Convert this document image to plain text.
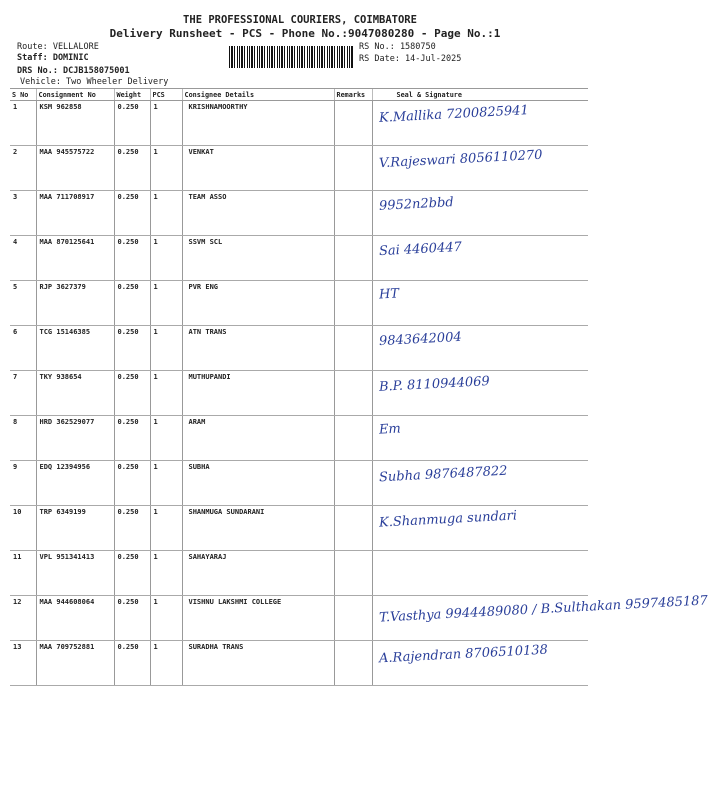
THE PROFESSIONAL COURIERS, COIMBATORE
Delivery Runsheet - PCS - Phone No.:9047080280 - Page No.:1
Route: VELLALORE
Staff: DOMINIC
DRS No.: DCJB158075001
Vehicle: Two Wheeler Delivery
RS No.: 1580750
RS Date: 14-Jul-2025
S No	Consignment No	Weight	PCS	Consignee Details	Remarks	Seal & Signature
1	KSM 962858	0.250	1	KRISHNAMOORTHY		K.Mallika 7200825941

2	MAA 945575722	0.250	1	VENKAT		V.Rajeswari 8056110270

3	MAA 711708917	0.250	1	TEAM ASSO		9952n2bbd

4	MAA 870125641	0.250	1	SSVM SCL		Sai 4460447

5	RJP 3627379	0.250	1	PVR ENG		HT

6	TCG 15146385	0.250	1	ATN TRANS		9843642004

7	TKY 938654	0.250	1	MUTHUPANDI		B.P. 8110944069

8	HRD 362529077	0.250	1	ARAM		Em

9	EDQ 12394956	0.250	1	SUBHA		Subha 9876487822

10	TRP 6349199	0.250	1	SHANMUGA SUNDARANI		K.Shanmuga sundari

11	VPL 951341413	0.250	1	SAHAYARAJ		

12	MAA 944608064	0.250	1	VISHNU LAKSHMI COLLEGE		T.Vasthya 9944489080 / B.Sulthakan 9597485187

13	MAA 709752881	0.250	1	SURADHA TRANS		A.Rajendran 8706510138
